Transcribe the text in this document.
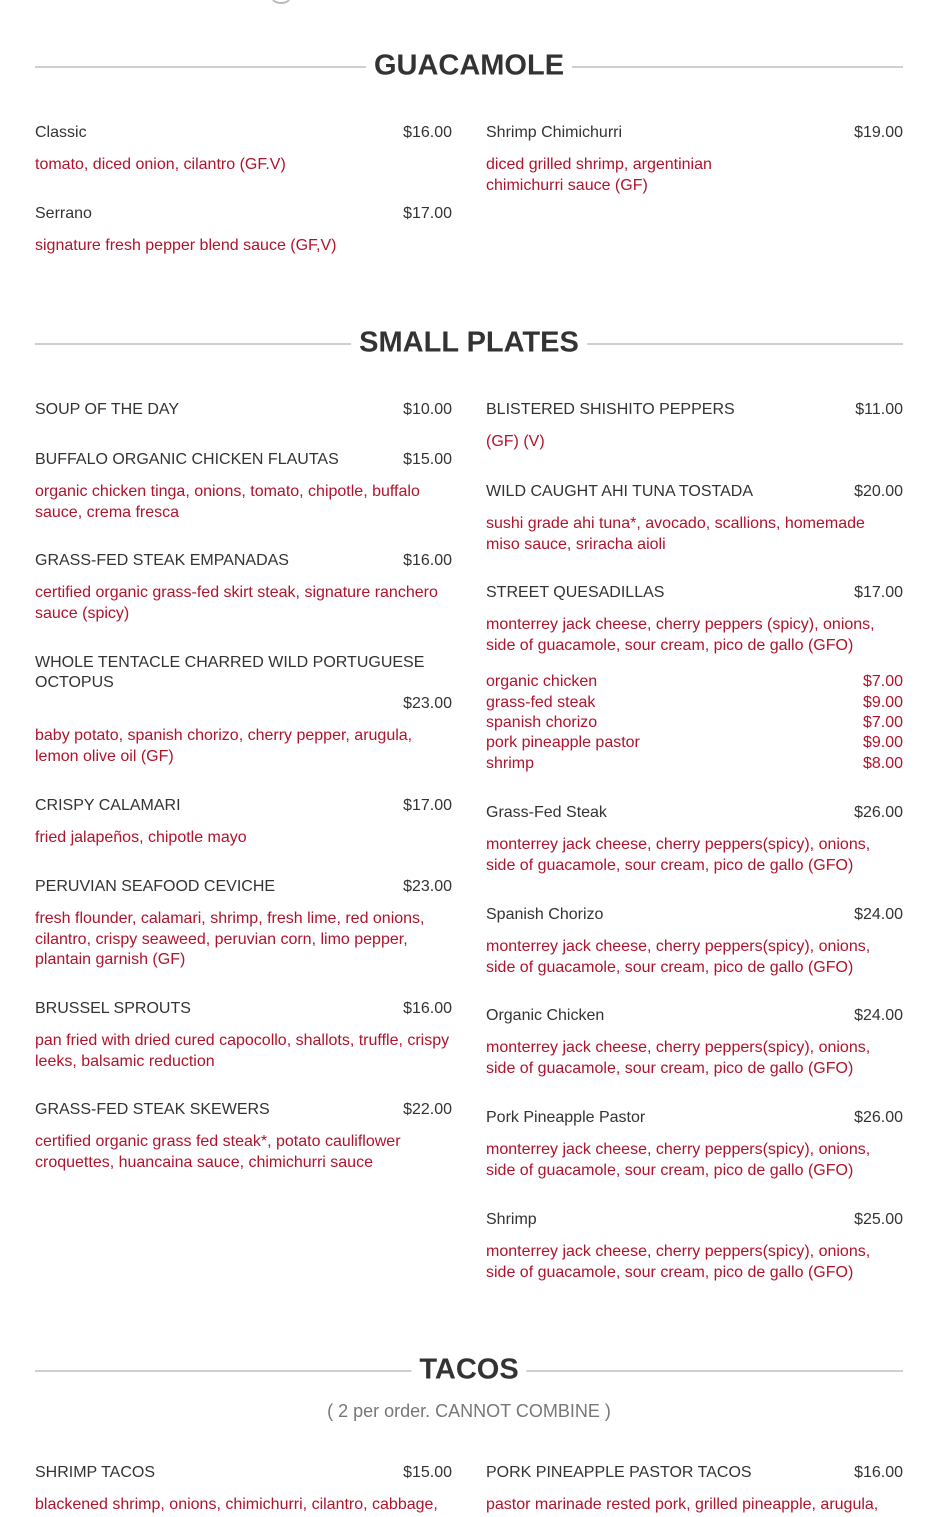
GUACAMOLE
Classic	$16.00
tomato, diced onion, cilantro (GF.V)
Serrano	$17.00
signature fresh pepper blend sauce (GF,V)
Shrimp Chimichurri	$19.00
diced grilled shrimp, argentinian chimichurri sauce (GF)
SMALL PLATES
SOUP OF THE DAY	$10.00
BUFFALO ORGANIC CHICKEN FLAUTAS	$15.00
organic chicken tinga, onions, tomato, chipotle, buffalo sauce, crema fresca
GRASS-FED STEAK EMPANADAS	$16.00
certified organic grass-fed skirt steak, signature ranchero sauce (spicy)
WHOLE TENTACLE CHARRED WILD PORTUGUESE OCTOPUS
$23.00
baby potato, spanish chorizo, cherry pepper, arugula, lemon olive oil (GF)
CRISPY CALAMARI	$17.00
fried jalapeños, chipotle mayo
PERUVIAN SEAFOOD CEVICHE	$23.00
fresh flounder, calamari, shrimp, fresh lime, red onions, cilantro, crispy seaweed, peruvian corn, limo pepper, plantain garnish (GF)
BRUSSEL SPROUTS	$16.00
pan fried with dried cured capocollo, shallots, truffle, crispy leeks, balsamic reduction
GRASS-FED STEAK SKEWERS	$22.00
certified organic grass fed steak*, potato cauliflower croquettes, huancaina sauce, chimichurri sauce
BLISTERED SHISHITO PEPPERS	$11.00
(GF) (V)
WILD CAUGHT AHI TUNA TOSTADA	$20.00
sushi grade ahi tuna*, avocado, scallions, homemade miso sauce, sriracha aioli
STREET QUESADILLAS	$17.00
monterrey jack cheese, cherry peppers (spicy), onions, side of guacamole, sour cream, pico de gallo (GFO)
organic chicken	$7.00
grass-fed steak	$9.00
spanish chorizo	$7.00
pork pineapple pastor	$9.00
shrimp	$8.00
Grass-Fed Steak	$26.00
monterrey jack cheese, cherry peppers(spicy), onions, side of guacamole, sour cream, pico de gallo (GFO)
Spanish Chorizo	$24.00
monterrey jack cheese, cherry peppers(spicy), onions, side of guacamole, sour cream, pico de gallo (GFO)
Organic Chicken	$24.00
monterrey jack cheese, cherry peppers(spicy), onions, side of guacamole, sour cream, pico de gallo (GFO)
Pork Pineapple Pastor	$26.00
monterrey jack cheese, cherry peppers(spicy), onions, side of guacamole, sour cream, pico de gallo (GFO)
Shrimp	$25.00
monterrey jack cheese, cherry peppers(spicy), onions, side of guacamole, sour cream, pico de gallo (GFO)
TACOS
( 2 per order. CANNOT COMBINE )
SHRIMP TACOS	$15.00
blackened shrimp, onions, chimichurri, cilantro, cabbage,
PORK PINEAPPLE PASTOR TACOS	$16.00
pastor marinade rested pork, grilled pineapple, arugula,
